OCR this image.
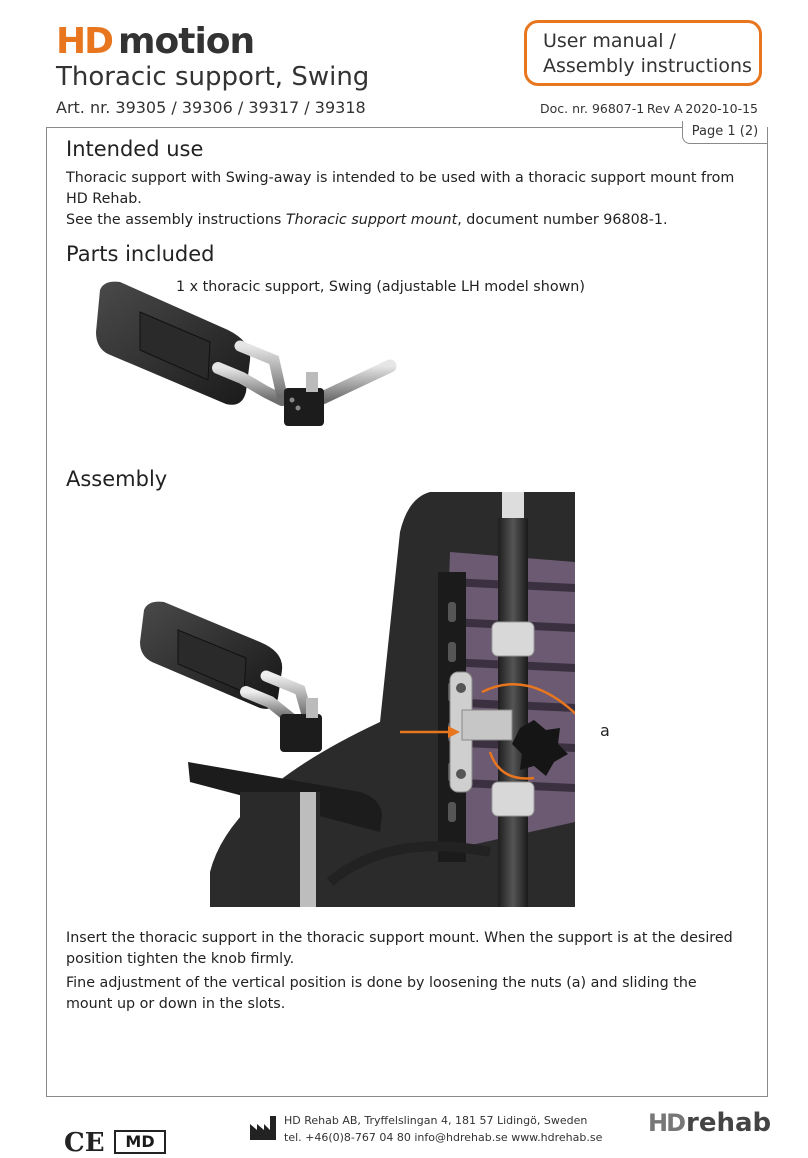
HD motion
Thoracic support, Swing
Art. nr. 39305 / 39306 / 39317 / 39318
User manual /
Assembly instructions
Doc. nr. 96807-1 Rev A 2020-10-15
Page 1 (2)
Intended use
Thoracic support with Swing-away is intended to be used with a thoracic support mount from HD Rehab.
See the assembly instructions Thoracic support mount, document number 96808-1.
Parts included
1 x thoracic support, Swing (adjustable LH model shown)
Assembly
a
Insert the thoracic support in the thoracic support mount. When the support is at the desired position tighten the knob firmly.
Fine adjustment of the vertical position is done by loosening the nuts (a) and sliding the mount up or down in the slots.
CE	MD
HD Rehab AB, Tryffelslingan 4, 181 57 Lidingö, Sweden
tel. +46(0)8-767 04 80 info@hdrehab.se www.hdrehab.se
HD rehab
